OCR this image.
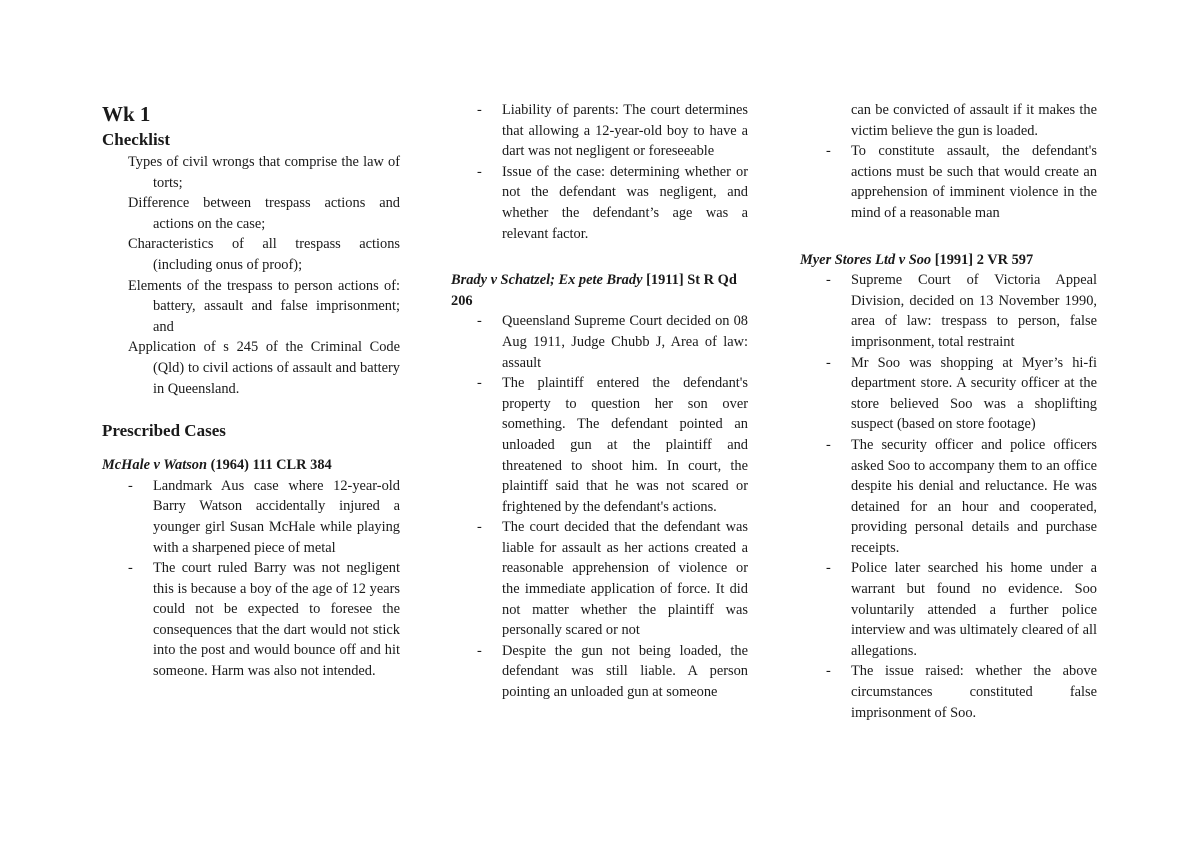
Wk 1
Checklist
Types of civil wrongs that comprise the law of torts;
Difference between trespass actions and actions on the case;
Characteristics of all trespass actions (including onus of proof);
Elements of the trespass to person actions of: battery, assault and false imprisonment; and
Application of s 245 of the Criminal Code (Qld) to civil actions of assault and battery in Queensland.
Prescribed Cases
McHale v Watson (1964) 111 CLR 384
- Landmark Aus case where 12-year-old Barry Watson accidentally injured a younger girl Susan McHale while playing with a sharpened piece of metal
- The court ruled Barry was not negligent this is because a boy of the age of 12 years could not be expected to foresee the consequences that the dart would not stick into the post and would bounce off and hit someone. Harm was also not intended.
- Liability of parents: The court determines that allowing a 12-year-old boy to have a dart was not negligent or foreseeable
- Issue of the case: determining whether or not the defendant was negligent, and whether the defendant’s age was a relevant factor.
Brady v Schatzel; Ex pete Brady [1911] St R Qd 206
- Queensland Supreme Court decided on 08 Aug 1911, Judge Chubb J, Area of law: assault
- The plaintiff entered the defendant's property to question her son over something. The defendant pointed an unloaded gun at the plaintiff and threatened to shoot him. In court, the plaintiff said that he was not scared or frightened by the defendant's actions.
- The court decided that the defendant was liable for assault as her actions created a reasonable apprehension of violence or the immediate application of force. It did not matter whether the plaintiff was personally scared or not
- Despite the gun not being loaded, the defendant was still liable. A person pointing an unloaded gun at someone
can be convicted of assault if it makes the victim believe the gun is loaded.
- To constitute assault, the defendant's actions must be such that would create an apprehension of imminent violence in the mind of a reasonable man
Myer Stores Ltd v Soo [1991] 2 VR 597
- Supreme Court of Victoria Appeal Division, decided on 13 November 1990, area of law: trespass to person, false imprisonment, total restraint
- Mr Soo was shopping at Myer’s hi-fi department store. A security officer at the store believed Soo was a shoplifting suspect (based on store footage)
- The security officer and police officers asked Soo to accompany them to an office despite his denial and reluctance. He was detained for an hour and cooperated, providing personal details and purchase receipts.
- Police later searched his home under a warrant but found no evidence. Soo voluntarily attended a further police interview and was ultimately cleared of all allegations.
- The issue raised: whether the above circumstances constituted false imprisonment of Soo.
